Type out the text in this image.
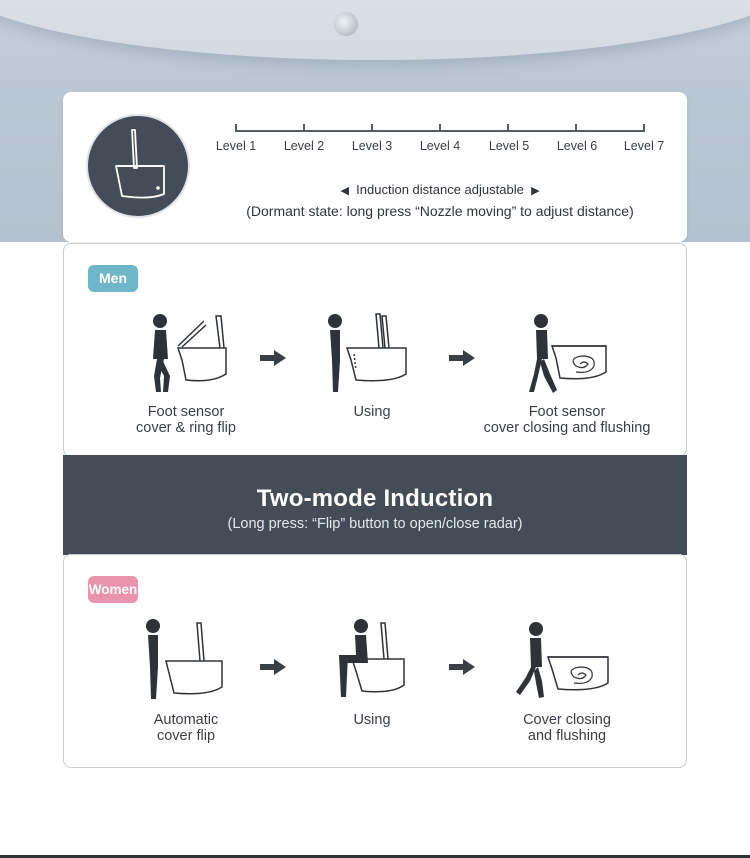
Level 1 Level 2 Level 3 Level 4 Level 5 Level 6 Level 7
◀ Induction distance adjustable ▶
(Dormant state: long press “Nozzle moving” to adjust distance)
Men
Foot sensor
cover & ring flip
Using	Foot sensor
cover closing and flushing
Two-mode Induction
(Long press: “Flip” button to open/close radar)
Women
Automatic
cover flip
Using	Cover closing
and flushing
